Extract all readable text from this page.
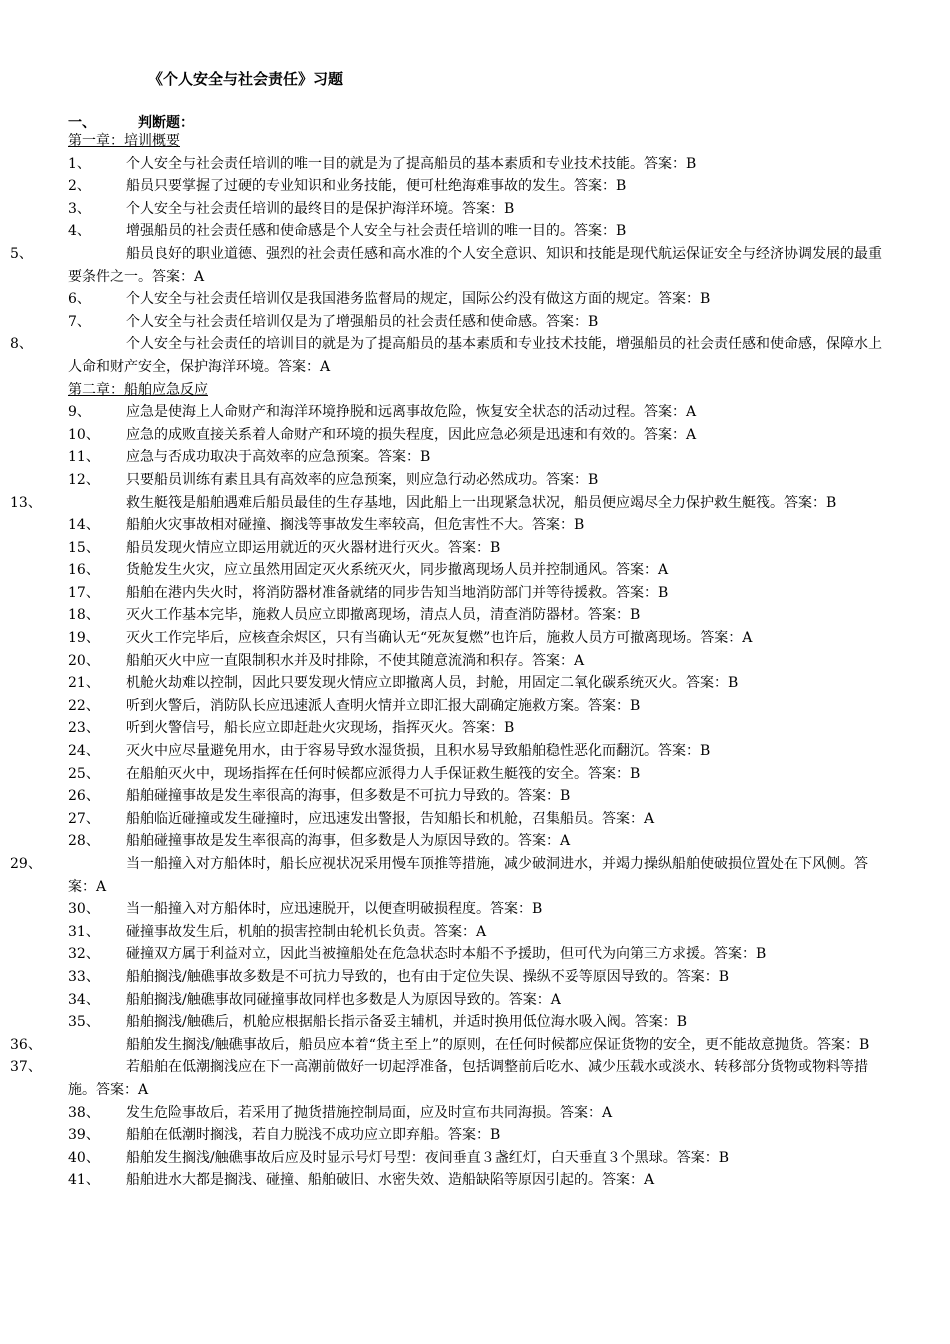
《个人安全与社会责任》习题
一、	判断题：
第一章：培训概要
1、	个人安全与社会责任培训的唯一目的就是为了提高船员的基本素质和专业技术技能。答案：B
2、	船员只要掌握了过硬的专业知识和业务技能，便可杜绝海难事故的发生。答案：B
3、	个人安全与社会责任培训的最终目的是保护海洋环境。答案：B
4、	增强船员的社会责任感和使命感是个人安全与社会责任培训的唯一目的。答案：B
5、	船员良好的职业道德、强烈的社会责任感和高水准的个人安全意识、知识和技能是现代航运保证安全与经济协调发展的最重要条件之一。答案：A
6、	个人安全与社会责任培训仅是我国港务监督局的规定，国际公约没有做这方面的规定。答案：B
7、	个人安全与社会责任培训仅是为了增强船员的社会责任感和使命感。答案：B
8、	个人安全与社会责任的培训目的就是为了提高船员的基本素质和专业技术技能，增强船员的社会责任感和使命感，保障水上人命和财产安全，保护海洋环境。答案：A
第二章：船舶应急反应
9、	应急是使海上人命财产和海洋环境挣脱和远离事故危险，恢复安全状态的活动过程。答案：A
10、 应急的成败直接关系着人命财产和环境的损失程度，因此应急必须是迅速和有效的。答案：A
11、 应急与否成功取决于高效率的应急预案。答案：B
12、 只要船员训练有素且具有高效率的应急预案，则应急行动必然成功。答案：B
13、	救生艇筏是船舶遇难后船员最佳的生存基地，因此船上一出现紧急状况，船员便应竭尽全力保护救生艇筏。答案：B
14、 船舶火灾事故相对碰撞、搁浅等事故发生率较高，但危害性不大。答案：B
15、 船员发现火情应立即运用就近的灭火器材进行灭火。答案：B
16、 货舱发生火灾，应立虽然用固定灭火系统灭火，同步撤离现场人员并控制通风。答案：A
17、 船舶在港内失火时，将消防器材准备就绪的同步告知当地消防部门并等待援救。答案：B
18、 灭火工作基本完毕，施救人员应立即撤离现场，清点人员，清查消防器材。答案：B
19、 灭火工作完毕后，应核查余烬区，只有当确认无“死灰复燃”也许后，施救人员方可撤离现场。答案：A
20、 船舶灭火中应一直限制积水并及时排除，不使其随意流淌和积存。答案：A
21、 机舱火劫难以控制，因此只要发现火情应立即撤离人员，封舱，用固定二氧化碳系统灭火。答案：B
22、 听到火警后，消防队长应迅速派人查明火情并立即汇报大副确定施救方案。答案：B
23、 听到火警信号，船长应立即赶赴火灾现场，指挥灭火。答案：B
24、 灭火中应尽量避免用水，由于容易导致水湿货损，且积水易导致船舶稳性恶化而翻沉。答案：B
25、 在船舶灭火中，现场指挥在任何时候都应派得力人手保证救生艇筏的安全。答案：B
26、 船舶碰撞事故是发生率很高的海事，但多数是不可抗力导致的。答案：B
27、 船舶临近碰撞或发生碰撞时，应迅速发出警报，告知船长和机舱，召集船员。答案：A
28、 船舶碰撞事故是发生率很高的海事，但多数是人为原因导致的。答案：A
29、	当一船撞入对方船体时，船长应视状况采用慢车顶推等措施，减少破洞进水，并竭力操纵船舶使破损位置处在下风侧。答案：A
30、 当一船撞入对方船体时，应迅速脱开，以便查明破损程度。答案：B
31、 碰撞事故发生后，机舶的损害控制由轮机长负责。答案：A
32、 碰撞双方属于利益对立，因此当被撞船处在危急状态时本船不予援助，但可代为向第三方求援。答案：B
33、 船舶搁浅/触礁事故多数是不可抗力导致的，也有由于定位失误、操纵不妥等原因导致的。答案：B
34、 船舶搁浅/触礁事故同碰撞事故同样也多数是人为原因导致的。答案：A
35、 船舶搁浅/触礁后，机舱应根据船长指示备妥主辅机，并适时换用低位海水吸入阀。答案：B
36、	船舶发生搁浅/触礁事故后，船员应本着“货主至上”的原则，在任何时候都应保证货物的安全，更不能故意抛货。答案：B
37、	若船舶在低潮搁浅应在下一高潮前做好一切起浮准备，包括调整前后吃水、减少压载水或淡水、转移部分货物或物料等措施。答案：A
38、 发生危险事故后，若采用了抛货措施控制局面，应及时宣布共同海损。答案：A
39、 船舶在低潮时搁浅，若自力脱浅不成功应立即弃船。答案：B
40、 船舶发生搁浅/触礁事故后应及时显示号灯号型：夜间垂直３盏红灯，白天垂直３个黑球。答案：B
41、 船舶进水大都是搁浅、碰撞、船舶破旧、水密失效、造船缺陷等原因引起的。答案：A
